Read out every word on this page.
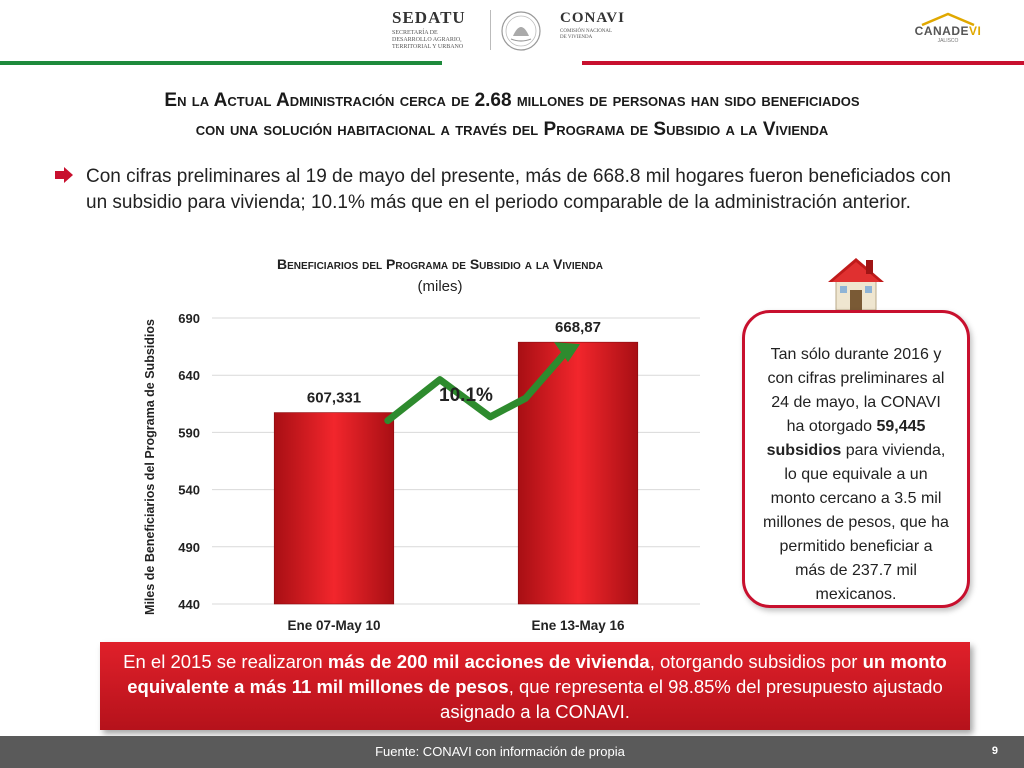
SEDATU
SECRETARÍA DE
DESARROLLO AGRARIO,
TERRITORIAL Y URBANO
CONAVI
COMISIÓN NACIONAL
DE VIVIENDA	CANADEVI
JALISCO
En la Actual Administración cerca de 2.68 millones de personas han sido beneficiados
con una solución habitacional a través del Programa de Subsidio a la Vivienda
Con cifras preliminares al 19 de mayo del presente, más de 668.8 mil hogares fueron beneficiados con un subsidio para vivienda; 10.1% más que en el periodo comparable de la administración anterior.
Beneficiarios del Programa de Subsidio a la Vivienda
(miles)
440
490
540
590
640
690
Miles de Beneficiarios del Programa de Subsidios	607,331
Ene 07-May 10
668,87
Ene 13-May 16
10.1%
Tan sólo durante 2016 y con cifras preliminares al 24 de mayo, la CONAVI ha otorgado 59,445 subsidios para vivienda, lo que equivale a un monto cercano a 3.5 mil millones de pesos, que ha permitido beneficiar a más de 237.7 mil mexicanos.
En el 2015 se realizaron más de 200 mil acciones de vivienda, otorgando subsidios por un monto equivalente a más 11 mil millones de pesos, que representa el 98.85% del presupuesto ajustado asignado a la CONAVI.
Fuente: CONAVI con información de propia	9
